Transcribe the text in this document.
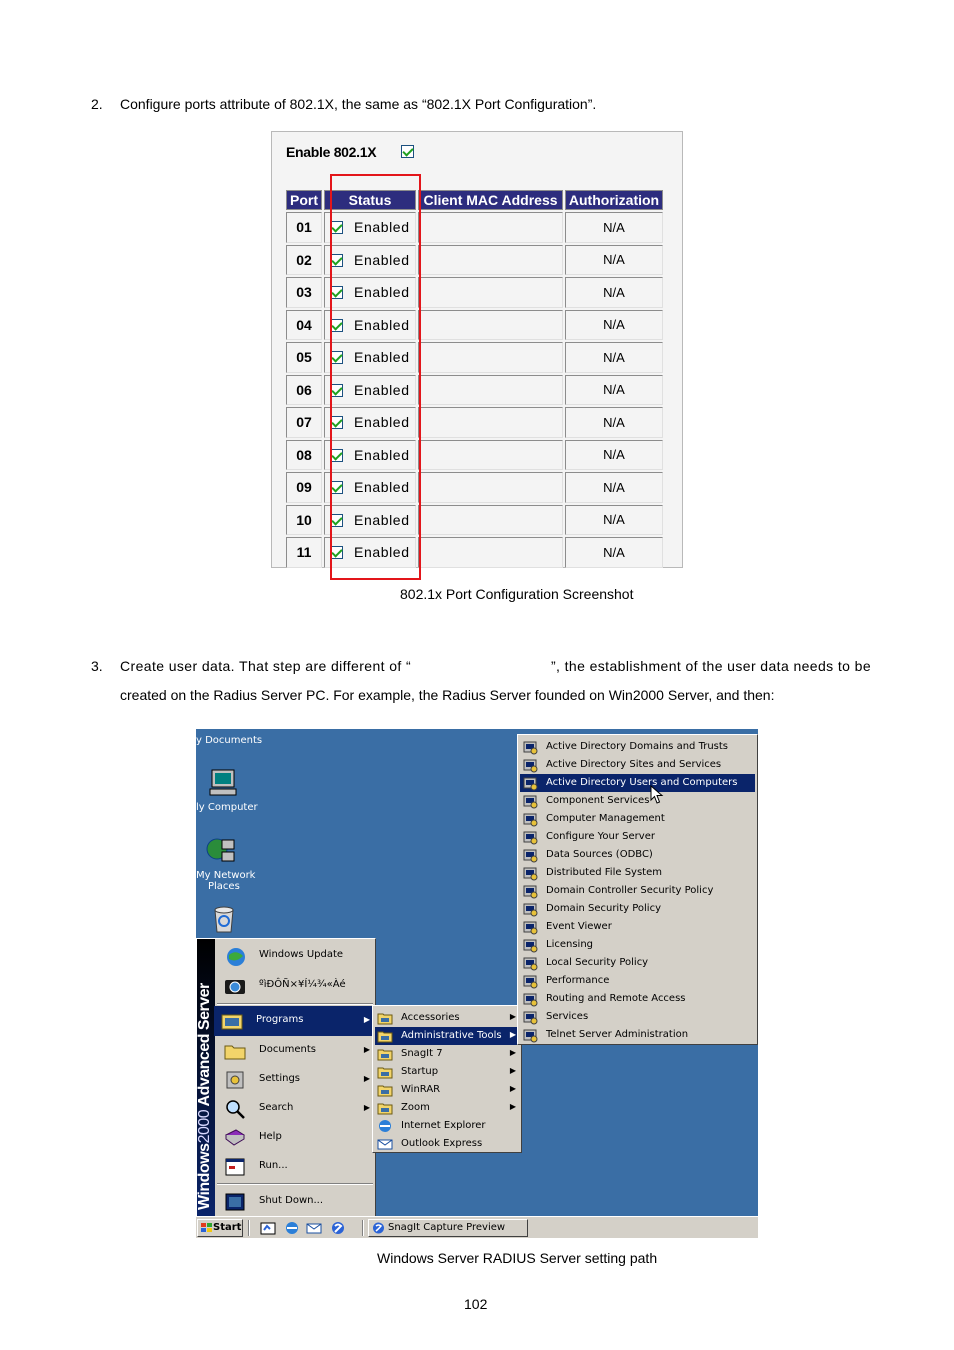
2. Configure ports attribute of 802.1X, the same as “802.1X Port Configuration”.
Enable 802.1X
Port	Status	Client MAC Address	Authorization
01	Enabled		N/A
02	Enabled		N/A
03	Enabled		N/A
04	Enabled		N/A
05	Enabled		N/A
06	Enabled		N/A
07	Enabled		N/A
08	Enabled		N/A
09	Enabled		N/A
10	Enabled		N/A
11	Enabled		N/A
802.1x Port Configuration Screenshot
3. Create user data. That step are different of “	”, the establishment of the user data needs to be
created on the Radius Server PC. For example, the Radius Server founded on Win2000 Server, and then:
y Documents
ly Computer
My Network
Places
Windows2000 Advanced Server
Windows Update
ºìÐÔÑ×¥Í¼¾«Àé
Programs	▶
Documents	▶
Settings	▶
Search	▶
Help
Run...
Shut Down...
Accessories	▶
Administrative Tools ▶
SnagIt 7	▶
Startup	▶
WinRAR	▶
Zoom	▶
Internet Explorer
Outlook Express
Active Directory Domains and Trusts
Active Directory Sites and Services
Active Directory Users and Computers
Component Services
Computer Management
Configure Your Server
Data Sources (ODBC)
Distributed File System
Domain Controller Security Policy
Domain Security Policy
Event Viewer
Licensing
Local Security Policy
Performance
Routing and Remote Access
Services
Telnet Server Administration
Start	SnagIt Capture Preview
Windows Server RADIUS Server setting path
102
